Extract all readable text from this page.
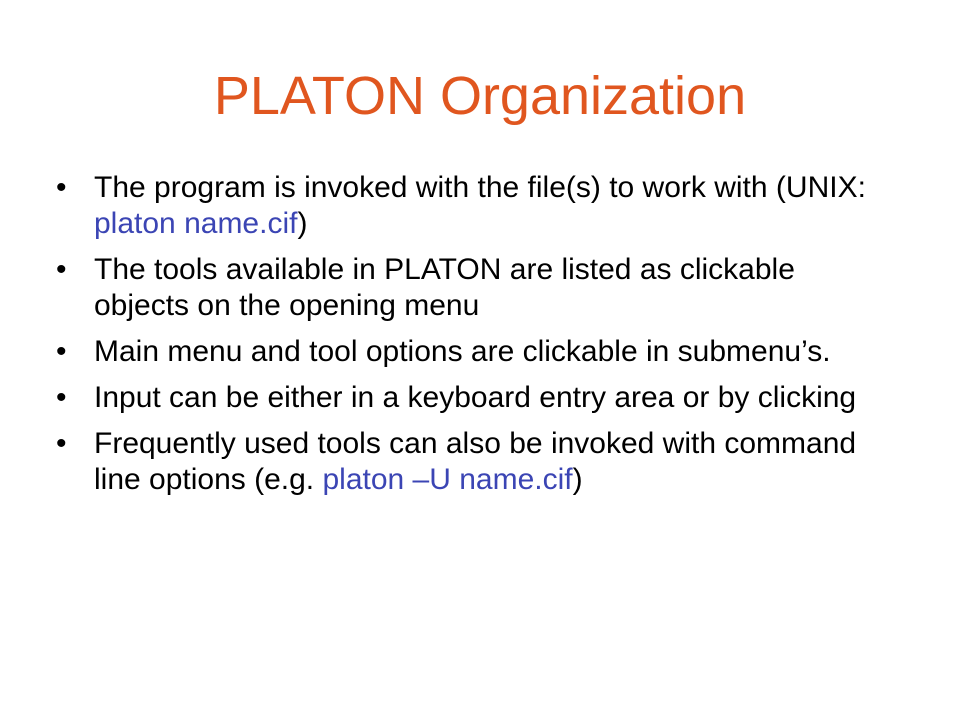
PLATON Organization
• The program is invoked with the file(s) to work with (UNIX: platon name.cif)
• The tools available in PLATON are listed as clickable objects on the opening menu
• Main menu and tool options are clickable in submenu’s.
• Input can be either in a keyboard entry area or by clicking
• Frequently used tools can also be invoked with command line options (e.g. platon –U name.cif)
